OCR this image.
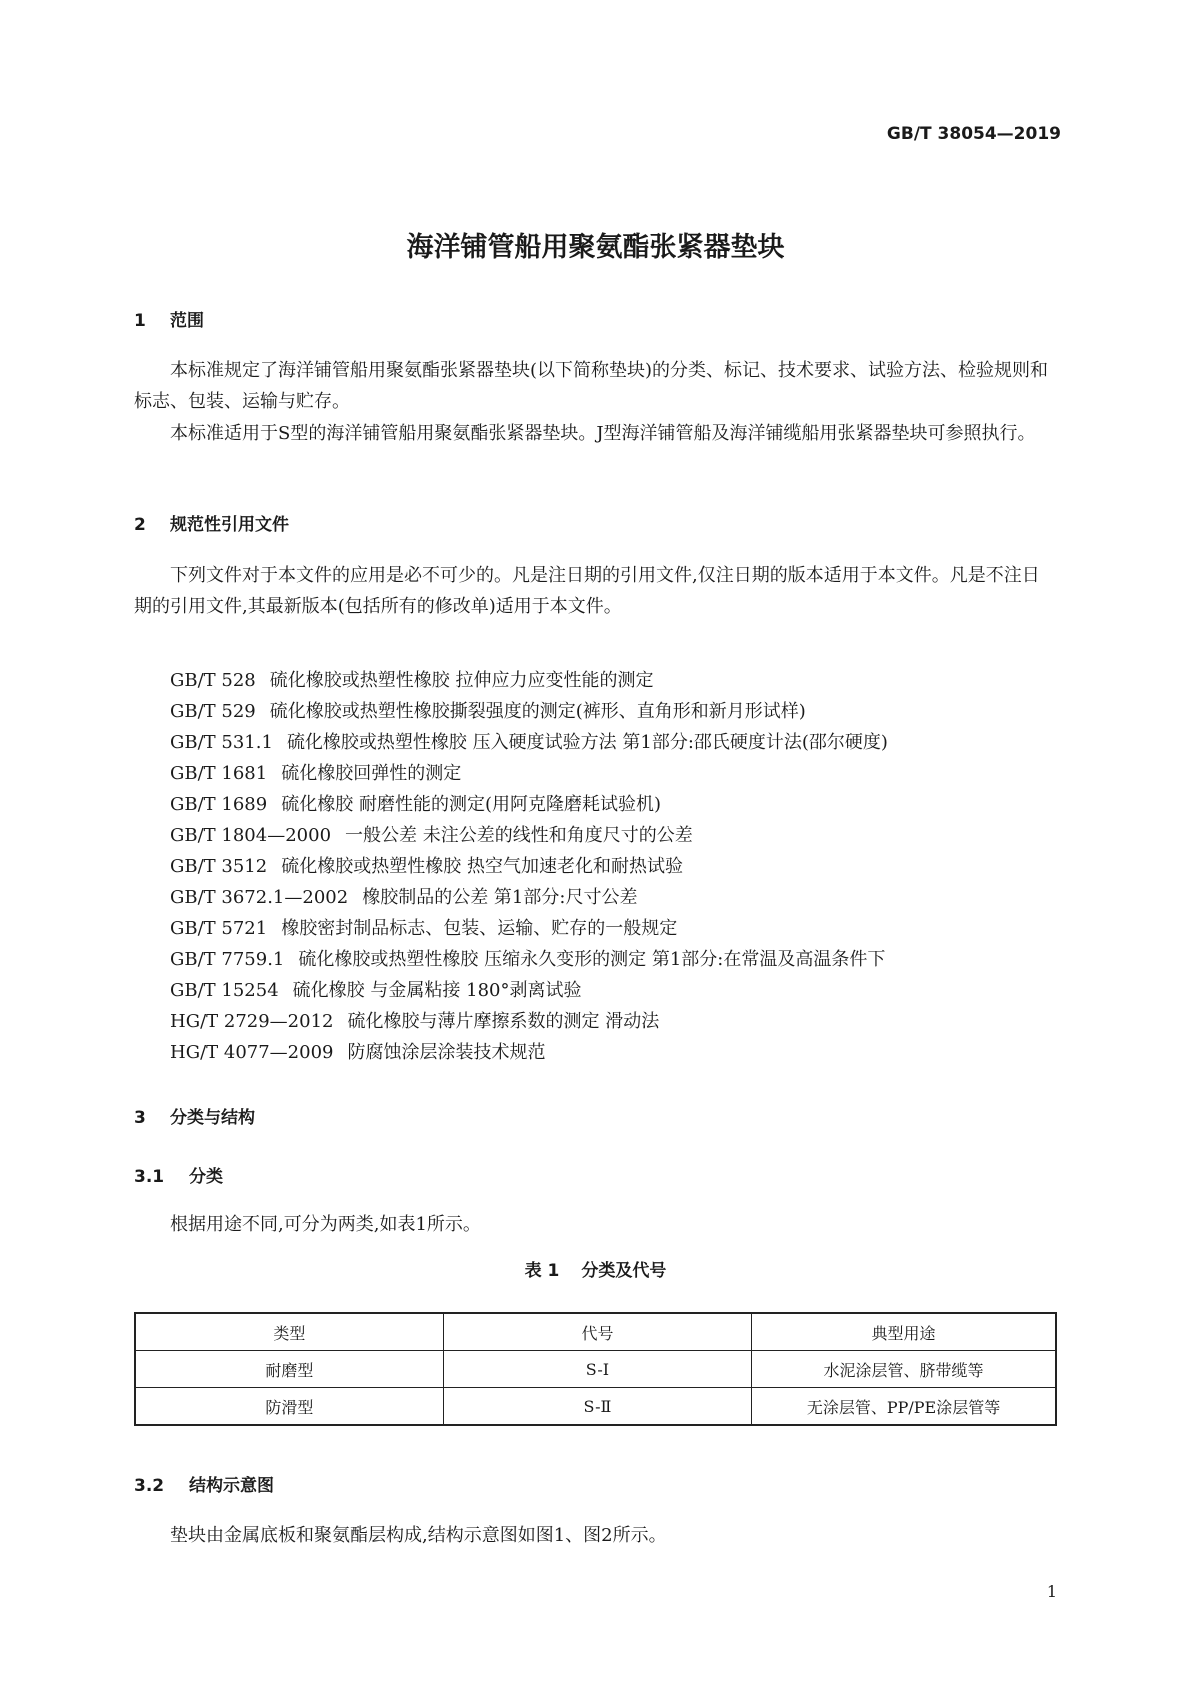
GB/T 38054—2019
海洋铺管船用聚氨酯张紧器垫块
1 范围
本标准规定了海洋铺管船用聚氨酯张紧器垫块(以下简称垫块)的分类、标记、技术要求、试验方法、检验规则和标志、包装、运输与贮存。
本标准适用于S型的海洋铺管船用聚氨酯张紧器垫块。J型海洋铺管船及海洋铺缆船用张紧器垫块可参照执行。
2 规范性引用文件
下列文件对于本文件的应用是必不可少的。凡是注日期的引用文件,仅注日期的版本适用于本文件。凡是不注日期的引用文件,其最新版本(包括所有的修改单)适用于本文件。
GB/T 528 硫化橡胶或热塑性橡胶 拉伸应力应变性能的测定
GB/T 529 硫化橡胶或热塑性橡胶撕裂强度的测定(裤形、直角形和新月形试样)
GB/T 531.1 硫化橡胶或热塑性橡胶 压入硬度试验方法 第1部分:邵氏硬度计法(邵尔硬度)
GB/T 1681 硫化橡胶回弹性的测定
GB/T 1689 硫化橡胶 耐磨性能的测定(用阿克隆磨耗试验机)
GB/T 1804—2000 一般公差 未注公差的线性和角度尺寸的公差
GB/T 3512 硫化橡胶或热塑性橡胶 热空气加速老化和耐热试验
GB/T 3672.1—2002 橡胶制品的公差 第1部分:尺寸公差
GB/T 5721 橡胶密封制品标志、包装、运输、贮存的一般规定
GB/T 7759.1 硫化橡胶或热塑性橡胶 压缩永久变形的测定 第1部分:在常温及高温条件下
GB/T 15254 硫化橡胶 与金属粘接 180°剥离试验
HG/T 2729—2012 硫化橡胶与薄片摩擦系数的测定 滑动法
HG/T 4077—2009 防腐蚀涂层涂装技术规范
3 分类与结构
3.1 分类
根据用途不同,可分为两类,如表1所示。
表 1 分类及代号
类型	代号	典型用途
耐磨型	S-Ⅰ	水泥涂层管、脐带缆等
防滑型	S-Ⅱ	无涂层管、PP/PE涂层管等
3.2 结构示意图
垫块由金属底板和聚氨酯层构成,结构示意图如图1、图2所示。
1
